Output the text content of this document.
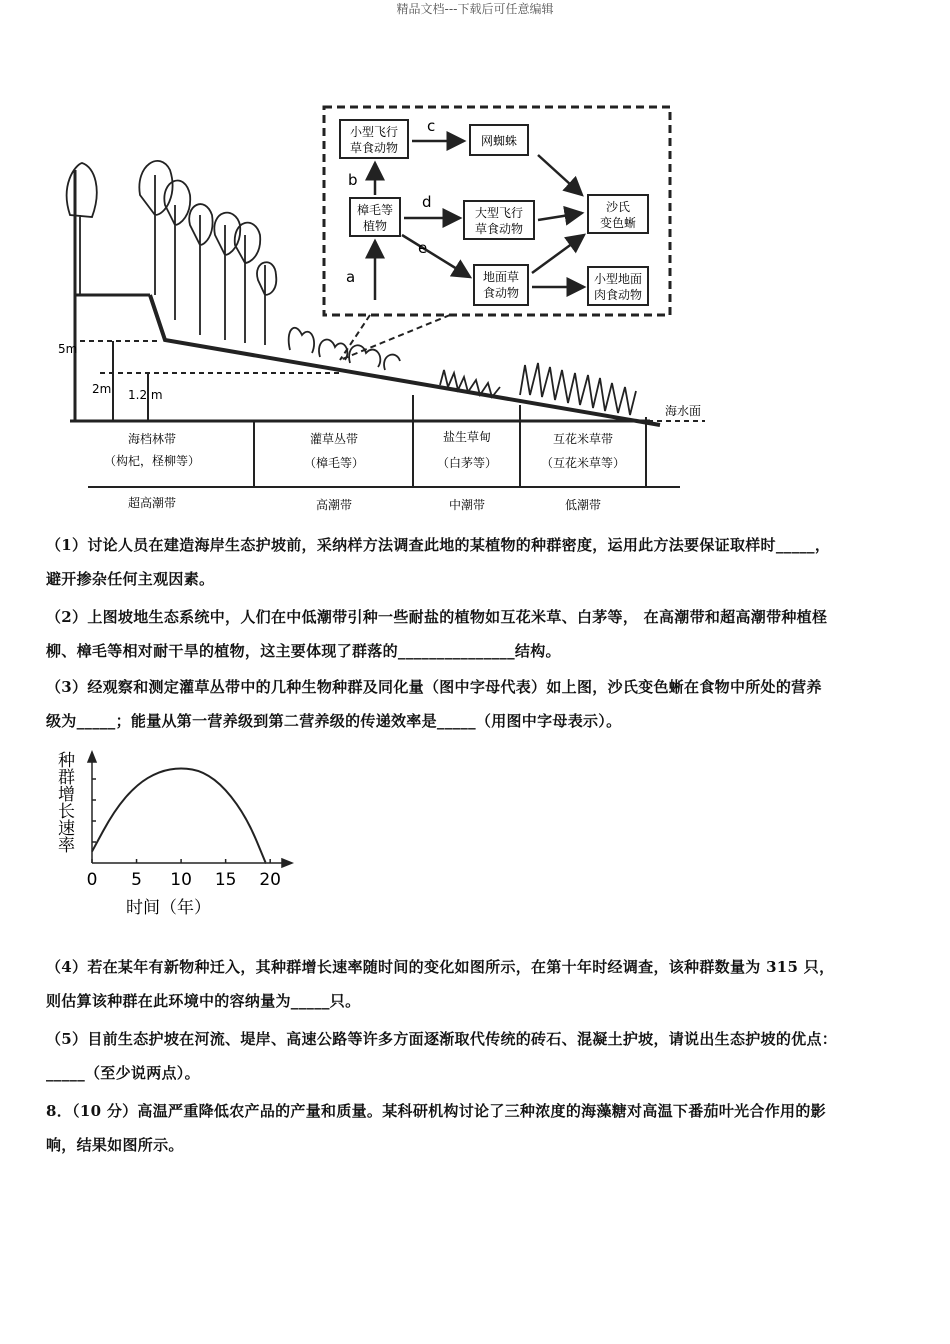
精品文档---下载后可任意编辑
小型飞行
草食动物	网蜘蛛
樟毛等
植物
大型飞行
草食动物
沙氏
变色蜥
地面草
食动物
小型地面
肉食动物
c
b
d
e
a
5m
2m 1.2 m
海水面
海档林带
（构杞，柽柳等）
超高潮带
灌草丛带
（樟毛等）
高潮带
盐生草甸
（白茅等）
中潮带
互花米草带
（互花米草等）
低潮带
（1）讨论人员在建造海岸生态护坡前，采纳样方法调查此地的某植物的种群密度，运用此方法要保证取样时_____，
避开掺杂任何主观因素。
（2）上图坡地生态系统中，人们在中低潮带引种一些耐盐的植物如互花米草、白茅等， 在高潮带和超高潮带种植柽
柳、樟毛等相对耐干旱的植物，这主要体现了群落的_______________结构。
（3）经观察和测定灌草丛带中的几种生物种群及同化量（图中字母代表）如上图，沙氏变色蜥在食物中所处的营养
级为_____；能量从第一营养级到第二营养级的传递效率是_____（用图中字母表示）。
种群增长速率
0 5 10 15 20
时间（年）
（4）若在某年有新物种迁入，其种群增长速率随时间的变化如图所示，在第十年时经调查，该种群数量为 315 只，
则估算该种群在此环境中的容纳量为_____只。
（5）目前生态护坡在河流、堤岸、高速公路等许多方面逐渐取代传统的砖石、混凝土护坡，请说出生态护坡的优点：
_____（至少说两点）。
8．（10 分）高温严重降低农产品的产量和质量。某科研机构讨论了三种浓度的海藻糖对高温下番茄叶光合作用的影
响，结果如图所示。
